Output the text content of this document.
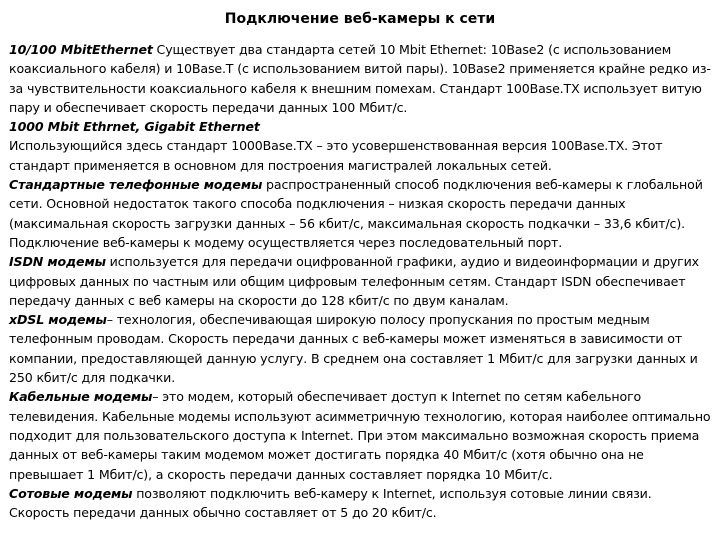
Подключение веб-камеры к сети

10/100 MbitEthernet Существует два стандарта сетей 10 Mbit Ethernet: 10Base2 (с использованием коаксиального кабеля) и 10Base.T (с использованием витой пары). 10Base2 применяется крайне редко из-за чувствительности коаксиального кабеля к внешним помехам. Стандарт 100Base.TX использует витую пару и обеспечивает скорость передачи данных 100 Мбит/с.

1000 Mbit Ethrnet, Gigabit Ethernet

Использующийся здесь стандарт 1000Base.TX – это усовершенствованная версия 100Base.TX. Этот стандарт применяется в основном для построения магистралей локальных сетей.

Стандартные телефонные модемы распространенный способ подключения веб-камеры к глобальной сети. Основной недостаток такого способа подключения – низкая скорость передачи данных (максимальная скорость загрузки данных – 56 кбит/с, максимальная скорость подкачки – 33,6 кбит/с). Подключение веб-камеры к модему осуществляется через последовательный порт.

ISDN модемы используется для передачи оцифрованной графики, аудио и видеоинформации и других цифровых данных по частным или общим цифровым телефонным сетям. Стандарт ISDN обеспечивает передачу данных с веб камеры на скорости до 128 кбит/с по двум каналам.

xDSL модемы– технология, обеспечивающая широкую полосу пропускания по простым медным телефонным проводам. Скорость передачи данных с веб-камеры может изменяться в зависимости от компании, предоставляющей данную услугу. В среднем она составляет 1 Мбит/с для загрузки данных и 250 кбит/с для подкачки.

Кабельные модемы– это модем, который обеспечивает доступ к Internet по сетям кабельного телевидения. Кабельные модемы используют асимметричную технологию, которая наиболее оптимально подходит для пользовательского доступа к Internet. При этом максимально возможная скорость приема данных от веб-камеры таким модемом может достигать порядка 40 Мбит/с (хотя обычно она не превышает 1 Мбит/с), а скорость передачи данных составляет порядка 10 Мбит/с.

Сотовые модемы позволяют подключить веб-камеру к Internet, используя сотовые линии связи. Скорость передачи данных обычно составляет от 5 до 20 кбит/с.
